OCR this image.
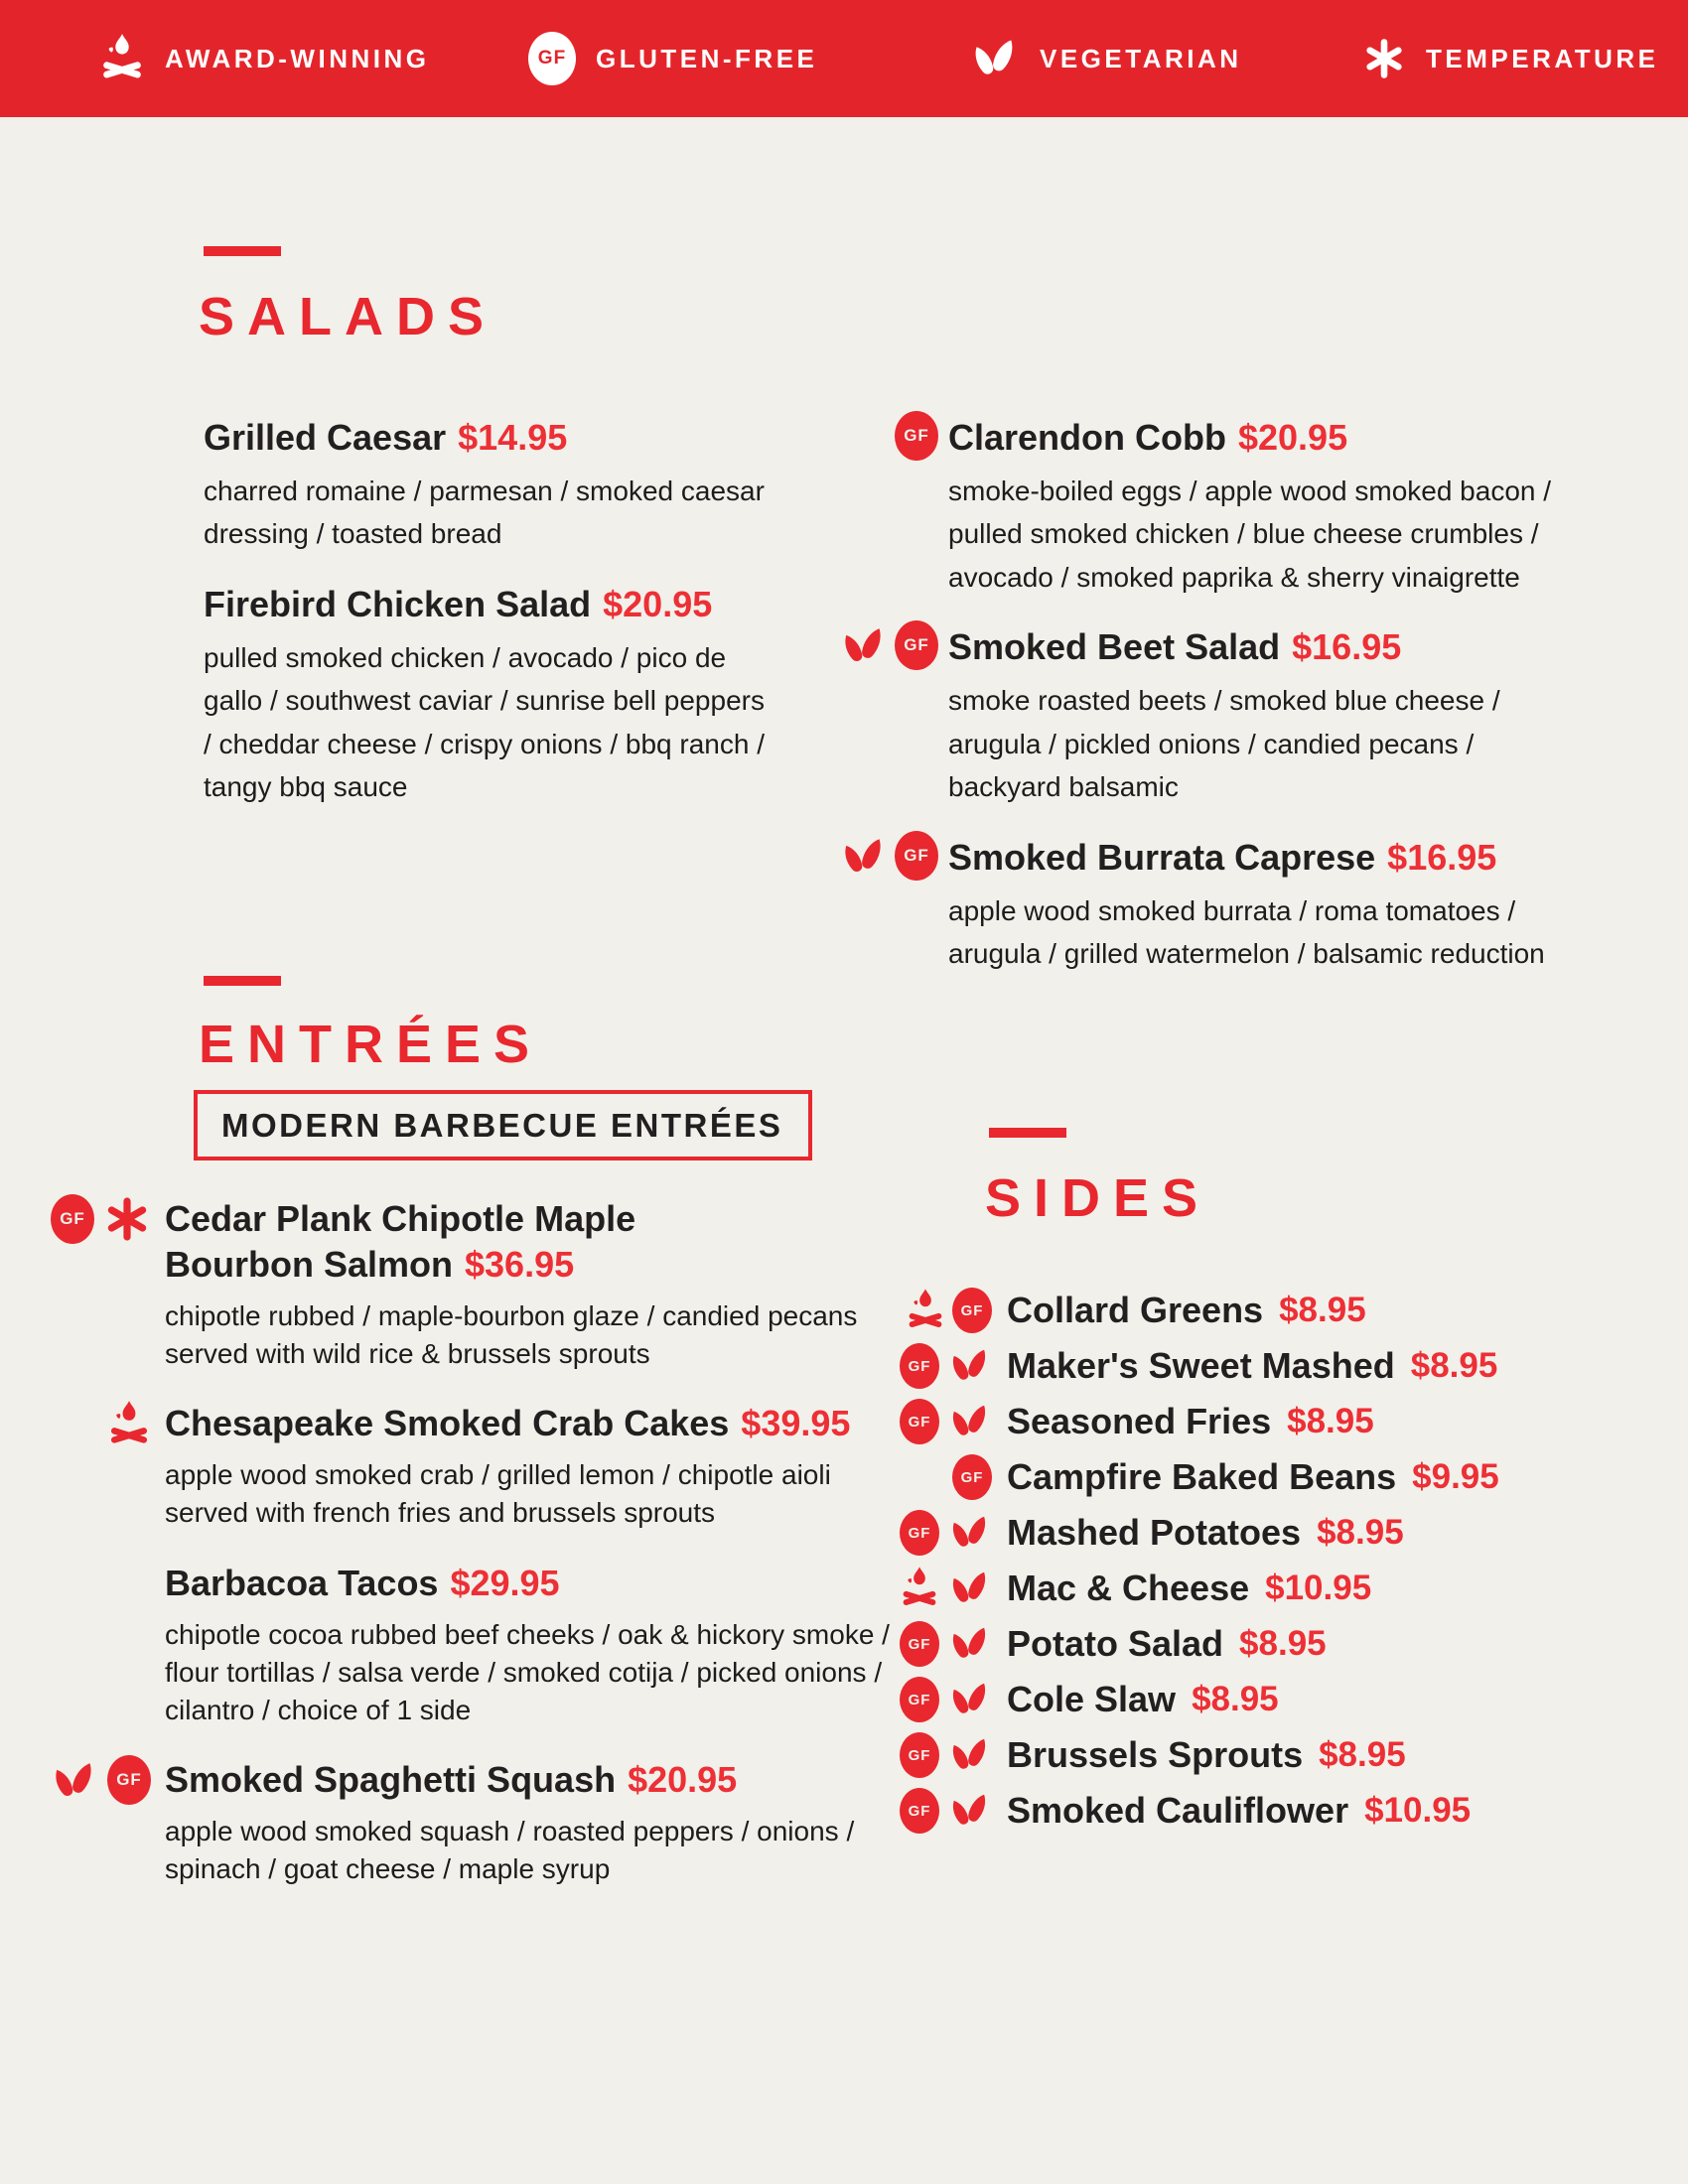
AWARD-WINNING	GF	GLUTEN-FREE	VEGETARIAN	TEMPERATURE
SALADS
Grilled Caesar $14.95
charred romaine / parmesan / smoked caesar dressing / toasted bread
Firebird Chicken Salad $20.95
pulled smoked chicken / avocado / pico de gallo / southwest caviar / sunrise bell peppers / cheddar cheese / crispy onions / bbq ranch / tangy bbq sauce
GF Clarendon Cobb $20.95
smoke-boiled eggs / apple wood smoked bacon / pulled smoked chicken / blue cheese crumbles / avocado / smoked paprika & sherry vinaigrette
GF Smoked Beet Salad $16.95
smoke roasted beets / smoked blue cheese / arugula / pickled onions / candied pecans / backyard balsamic
GF Smoked Burrata Caprese $16.95
apple wood smoked burrata / roma tomatoes / arugula / grilled watermelon / balsamic reduction
ENTRÉES
MODERN BARBECUE ENTRÉES
GF Cedar Plank Chipotle Maple Bourbon Salmon $36.95
chipotle rubbed / maple-bourbon glaze / candied pecans
served with wild rice & brussels sprouts
Chesapeake Smoked Crab Cakes $39.95
apple wood smoked crab / grilled lemon / chipotle aioli
served with french fries and brussels sprouts
Barbacoa Tacos $29.95
chipotle cocoa rubbed beef cheeks / oak & hickory smoke / flour tortillas / salsa verde / smoked cotija / picked onions / cilantro / choice of 1 side
GF Smoked Spaghetti Squash $20.95
apple wood smoked squash / roasted peppers / onions / spinach / goat cheese / maple syrup
SIDES
GF Collard Greens $8.95
GF Maker's Sweet Mashed $8.95
GF Seasoned Fries $8.95
GF Campfire Baked Beans $9.95
GF Mashed Potatoes $8.95
Mac & Cheese $10.95
GF Potato Salad $8.95
GF Cole Slaw $8.95
GF Brussels Sprouts $8.95
GF Smoked Cauliflower $10.95
